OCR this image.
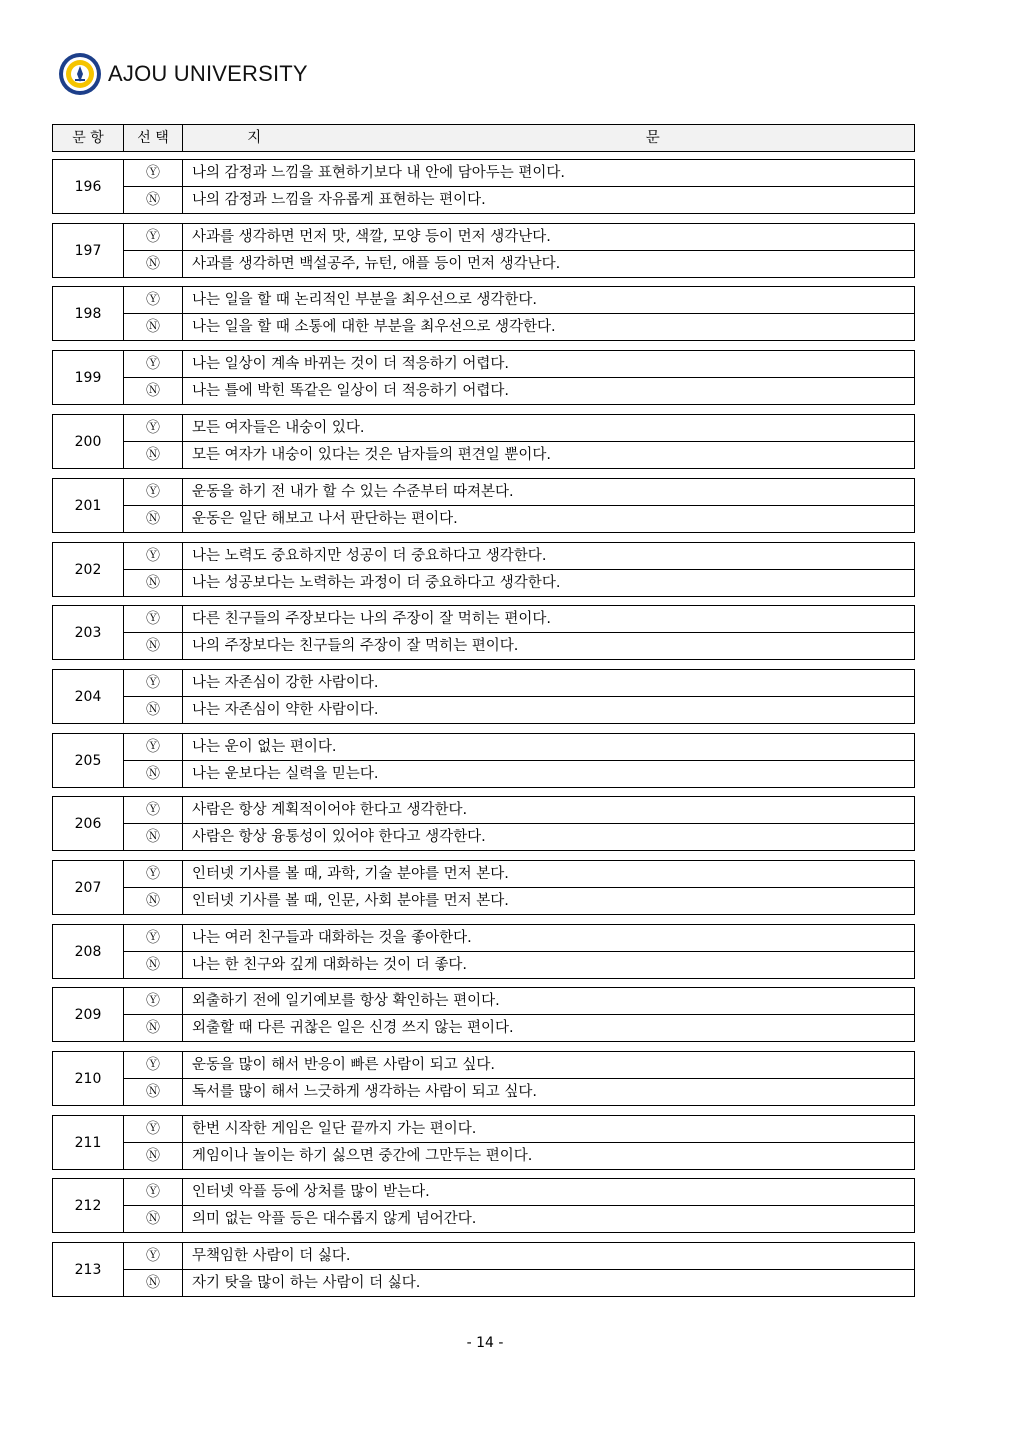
AJOU UNIVERSITY
문 항	선 택	지 문
196	Ⓨ	나의 감정과 느낌을 표현하기보다 내 안에 담아두는 편이다.
	Ⓝ	나의 감정과 느낌을 자유롭게 표현하는 편이다.
197	Ⓨ	사과를 생각하면 먼저 맛, 색깔, 모양 등이 먼저 생각난다.
	Ⓝ	사과를 생각하면 백설공주, 뉴턴, 애플 등이 먼저 생각난다.
198	Ⓨ	나는 일을 할 때 논리적인 부분을 최우선으로 생각한다.
	Ⓝ	나는 일을 할 때 소통에 대한 부분을 최우선으로 생각한다.
199	Ⓨ	나는 일상이 계속 바뀌는 것이 더 적응하기 어렵다.
	Ⓝ	나는 틀에 박힌 똑같은 일상이 더 적응하기 어렵다.
200	Ⓨ	모든 여자들은 내숭이 있다.
	Ⓝ	모든 여자가 내숭이 있다는 것은 남자들의 편견일 뿐이다.
201	Ⓨ	운동을 하기 전 내가 할 수 있는 수준부터 따져본다.
	Ⓝ	운동은 일단 해보고 나서 판단하는 편이다.
202	Ⓨ	나는 노력도 중요하지만 성공이 더 중요하다고 생각한다.
	Ⓝ	나는 성공보다는 노력하는 과정이 더 중요하다고 생각한다.
203	Ⓨ	다른 친구들의 주장보다는 나의 주장이 잘 먹히는 편이다.
	Ⓝ	나의 주장보다는 친구들의 주장이 잘 먹히는 편이다.
204	Ⓨ	나는 자존심이 강한 사람이다.
	Ⓝ	나는 자존심이 약한 사람이다.
205	Ⓨ	나는 운이 없는 편이다.
	Ⓝ	나는 운보다는 실력을 믿는다.
206	Ⓨ	사람은 항상 계획적이어야 한다고 생각한다.
	Ⓝ	사람은 항상 융통성이 있어야 한다고 생각한다.
207	Ⓨ	인터넷 기사를 볼 때, 과학, 기술 분야를 먼저 본다.
	Ⓝ	인터넷 기사를 볼 때, 인문, 사회 분야를 먼저 본다.
208	Ⓨ	나는 여러 친구들과 대화하는 것을 좋아한다.
	Ⓝ	나는 한 친구와 깊게 대화하는 것이 더 좋다.
209	Ⓨ	외출하기 전에 일기예보를 항상 확인하는 편이다.
	Ⓝ	외출할 때 다른 귀찮은 일은 신경 쓰지 않는 편이다.
210	Ⓨ	운동을 많이 해서 반응이 빠른 사람이 되고 싶다.
	Ⓝ	독서를 많이 해서 느긋하게 생각하는 사람이 되고 싶다.
211	Ⓨ	한번 시작한 게임은 일단 끝까지 가는 편이다.
	Ⓝ	게임이나 놀이는 하기 싫으면 중간에 그만두는 편이다.
212	Ⓨ	인터넷 악플 등에 상처를 많이 받는다.
	Ⓝ	의미 없는 악플 등은 대수롭지 않게 넘어간다.
213	Ⓨ	무책임한 사람이 더 싫다.
	Ⓝ	자기 탓을 많이 하는 사람이 더 싫다.
- 14 -
